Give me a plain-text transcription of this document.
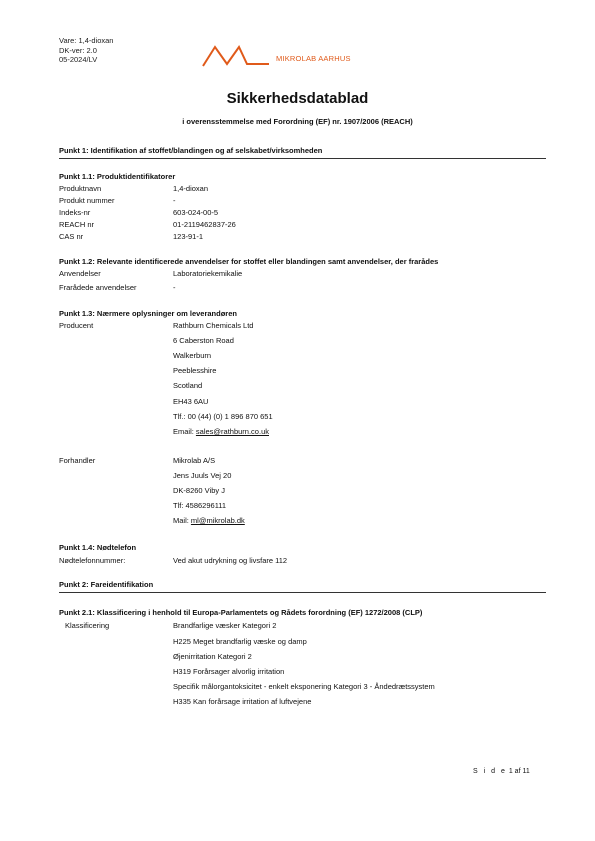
Vare: 1,4-dioxan
DK-ver: 2.0
05-2024/LV	MIKROLAB AARHUS
Sikkerhedsdatablad
i overensstemmelse med Forordning (EF) nr. 1907/2006 (REACH)
Punkt 1: Identifikation af stoffet/blandingen og af selskabet/virksomheden
Punkt 1.1: Produktidentifikatorer
Produktnavn	1,4-dioxan
Produkt nummer	-
Indeks-nr	603-024-00-5
REACH nr	01-2119462837-26
CAS nr	123-91-1
Punkt 1.2: Relevante identificerede anvendelser for stoffet eller blandingen samt anvendelser, der frarådes
Anvendelser	Laboratoriekemikalie
Frarådede anvendelser	-
Punkt 1.3: Nærmere oplysninger om leverandøren
Producent	Rathburn Chemicals Ltd
6 Caberston Road
Walkerburn
Peeblesshire
Scotland
EH43 6AU
Tlf.: 00 (44) (0) 1 896 870 651
Email: sales@rathburn.co.uk
Forhandler	Mikrolab A/S
Jens Juuls Vej 20
DK-8260 Viby J
Tlf: 4586296111
Mail: ml@mikrolab.dk
Punkt 1.4: Nødtelefon
Nødtelefonnummer:	Ved akut udrykning og livsfare 112
Punkt 2: Fareidentifikation
Punkt 2.1: Klassificering i henhold til Europa-Parlamentets og Rådets forordning (EF) 1272/2008 (CLP)
Klassificering	Brandfarlige væsker Kategori 2
H225 Meget brandfarlig væske og damp
Øjenirritation Kategori 2
H319 Forårsager alvorlig irritation
Specifik målorgantoksicitet - enkelt eksponering Kategori 3 - Åndedrætssystem
H335 Kan forårsage irritation af luftvejene
S i d e 1 af 11
